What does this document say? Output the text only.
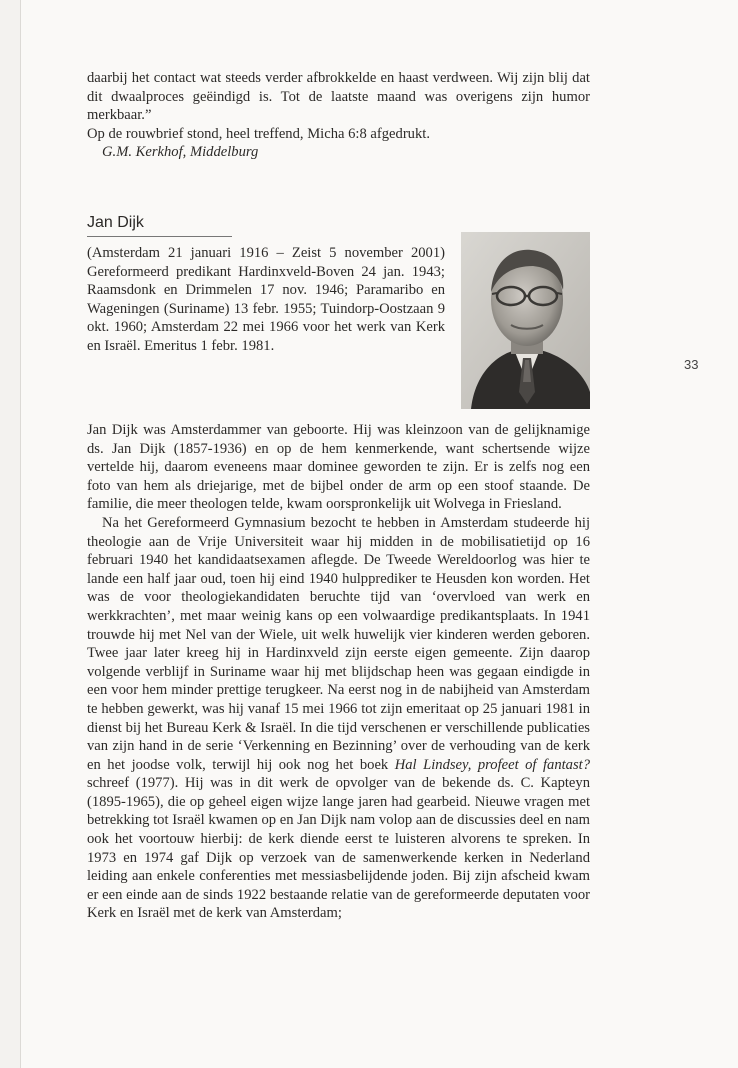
daarbij het contact wat steeds verder afbrokkelde en haast verdween. Wij zijn blij dat dit dwaalproces geëindigd is. Tot de laatste maand was overigens zijn humor merkbaar.”

Op de rouwbrief stond, heel treffend, Micha 6:8 afgedrukt.

G.M. Kerkhof, Middelburg

Jan Dijk
(Amsterdam 21 januari 1916 – Zeist 5 november 2001) Gereformeerd predikant Hardinxveld-Boven 24 jan. 1943; Raamsdonk en Drimmelen 17 nov. 1946; Paramaribo en Wageningen (Suriname) 13 febr. 1955; Tuindorp-Oostzaan 9 okt. 1960; Amsterdam 22 mei 1966 voor het werk van Kerk en Israël. Emeritus 1 febr. 1981.
33

Jan Dijk was Amsterdammer van geboorte. Hij was kleinzoon van de gelijknamige ds. Jan Dijk (1857-1936) en op de hem kenmerkende, want schertsende wijze vertelde hij, daarom eveneens maar dominee geworden te zijn. Er is zelfs nog een foto van hem als driejarige, met de bijbel onder de arm op een stoof staande. De familie, die meer theologen telde, kwam oorspronkelijk uit Wolvega in Friesland.

Na het Gereformeerd Gymnasium bezocht te hebben in Amsterdam studeerde hij theologie aan de Vrije Universiteit waar hij midden in de mobilisatietijd op 16 februari 1940 het kandidaatsexamen aflegde. De Tweede Wereldoorlog was hier te lande een half jaar oud, toen hij eind 1940 hulpprediker te Heusden kon worden. Het was de voor theologiekandidaten beruchte tijd van ‘overvloed van werk en werkkrachten’, met maar weinig kans op een volwaardige predikantsplaats. In 1941 trouwde hij met Nel van der Wiele, uit welk huwelijk vier kinderen werden geboren. Twee jaar later kreeg hij in Hardinxveld zijn eerste eigen gemeente. Zijn daarop volgende verblijf in Suriname waar hij met blijdschap heen was gegaan eindigde in een voor hem minder prettige terugkeer. Na eerst nog in de nabijheid van Amsterdam te hebben gewerkt, was hij vanaf 15 mei 1966 tot zijn emeritaat op 25 januari 1981 in dienst bij het Bureau Kerk & Israël. In die tijd verschenen er verschillende publicaties van zijn hand in de serie ‘Verkenning en Bezinning’ over de verhouding van de kerk en het joodse volk, terwijl hij ook nog het boek Hal Lindsey, profeet of fantast? schreef (1977). Hij was in dit werk de opvolger van de bekende ds. C. Kapteyn (1895-1965), die op geheel eigen wijze lange jaren had gearbeid. Nieuwe vragen met betrekking tot Israël kwamen op en Jan Dijk nam volop aan de discussies deel en nam ook het voortouw hierbij: de kerk diende eerst te luisteren alvorens te spreken. In 1973 en 1974 gaf Dijk op verzoek van de samenwerkende kerken in Nederland leiding aan enkele conferenties met messiasbelijdende joden. Bij zijn afscheid kwam er een einde aan de sinds 1922 bestaande relatie van de gereformeerde deputaten voor Kerk en Israël met de kerk van Amsterdam;
